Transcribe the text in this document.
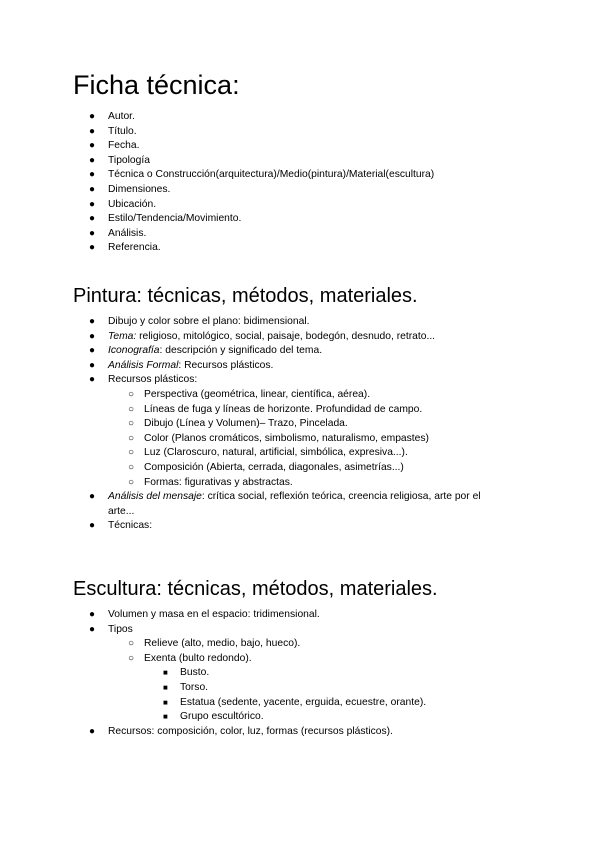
Ficha técnica:
● Autor.
● Título.
● Fecha.
● Tipología
● Técnica o Construcción(arquitectura)/Medio(pintura)/Material(escultura)
● Dimensiones.
● Ubicación.
● Estilo/Tendencia/Movimiento.
● Análisis.
● Referencia.
Pintura: técnicas, métodos, materiales.
● Dibujo y color sobre el plano: bidimensional.
● Tema: religioso, mitológico, social, paisaje, bodegón, desnudo, retrato...
● Iconografía: descripción y significado del tema.
● Análisis Formal: Recursos plásticos.
● Recursos plásticos:
○ Perspectiva (geométrica, linear, científica, aérea).
○ Líneas de fuga y líneas de horizonte. Profundidad de campo.
○ Dibujo (Línea y Volumen)– Trazo, Pincelada.
○ Color (Planos cromáticos, simbolismo, naturalismo, empastes)
○ Luz (Claroscuro, natural, artificial, simbólica, expresiva...).
○ Composición (Abierta, cerrada, diagonales, asimetrías...)
○ Formas: figurativas y abstractas.
● Análisis del mensaje: crítica social, reflexión teórica, creencia religiosa, arte por el
arte...
● Técnicas:
Escultura: técnicas, métodos, materiales.
● Volumen y masa en el espacio: tridimensional.
● Tipos
○ Relieve (alto, medio, bajo, hueco).
○ Exenta (bulto redondo).
■ Busto.
■ Torso.
■ Estatua (sedente, yacente, erguida, ecuestre, orante).
■ Grupo escultórico.
● Recursos: composición, color, luz, formas (recursos plásticos).
